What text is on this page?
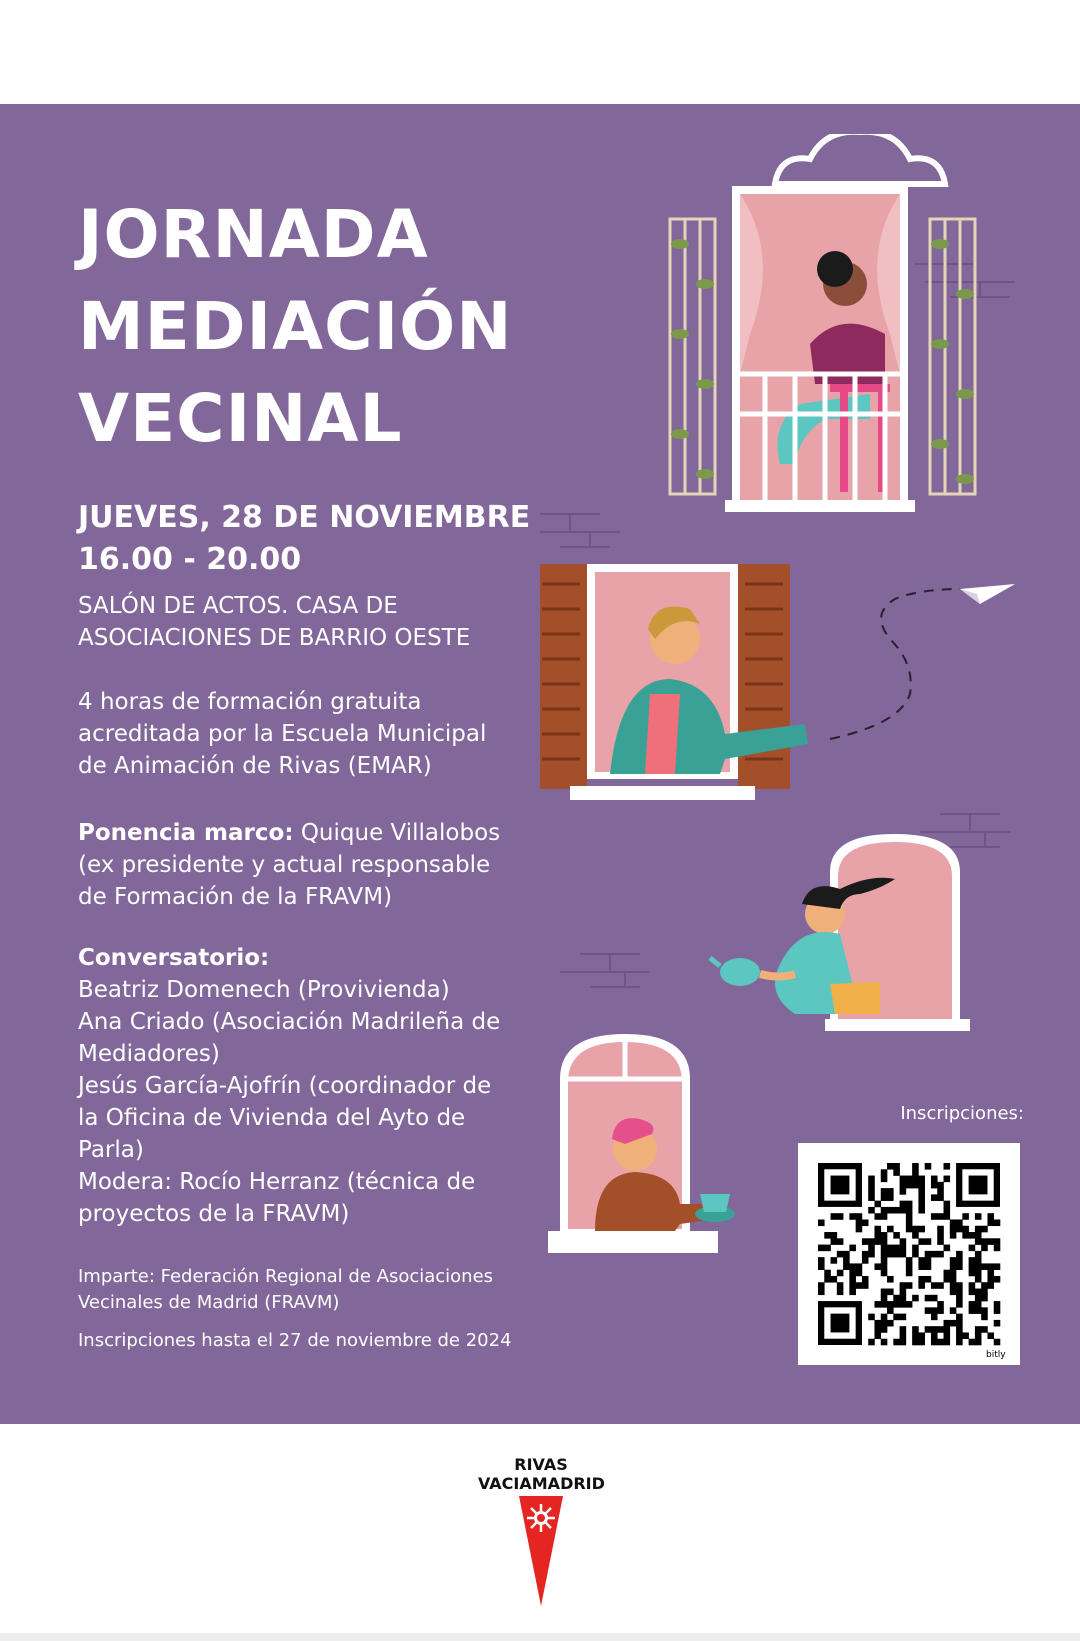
JORNADA
MEDIACIÓN
VECINAL
JUEVES, 28 DE NOVIEMBRE
16.00 - 20.00
SALÓN DE ACTOS. CASA DE ASOCIACIONES DE BARRIO OESTE
4 horas de formación gratuita acreditada por la Escuela Municipal de Animación de Rivas (EMAR)
Ponencia marco: Quique Villalobos (ex presidente y actual responsable de Formación de la FRAVM)
Conversatorio:
Beatriz Domenech (Provivienda)
Ana Criado (Asociación Madrileña de
Mediadores)
Jesús García-Ajofrín (coordinador de
la Oficina de Vivienda del Ayto de
Parla)
Modera: Rocío Herranz (técnica de
proyectos de la FRAVM)
Imparte: Federación Regional de Asociaciones Vecinales de Madrid (FRAVM)
Inscripciones hasta el 27 de noviembre de 2024
Inscripciones:
bitly
RIVAS
VACIAMADRID
